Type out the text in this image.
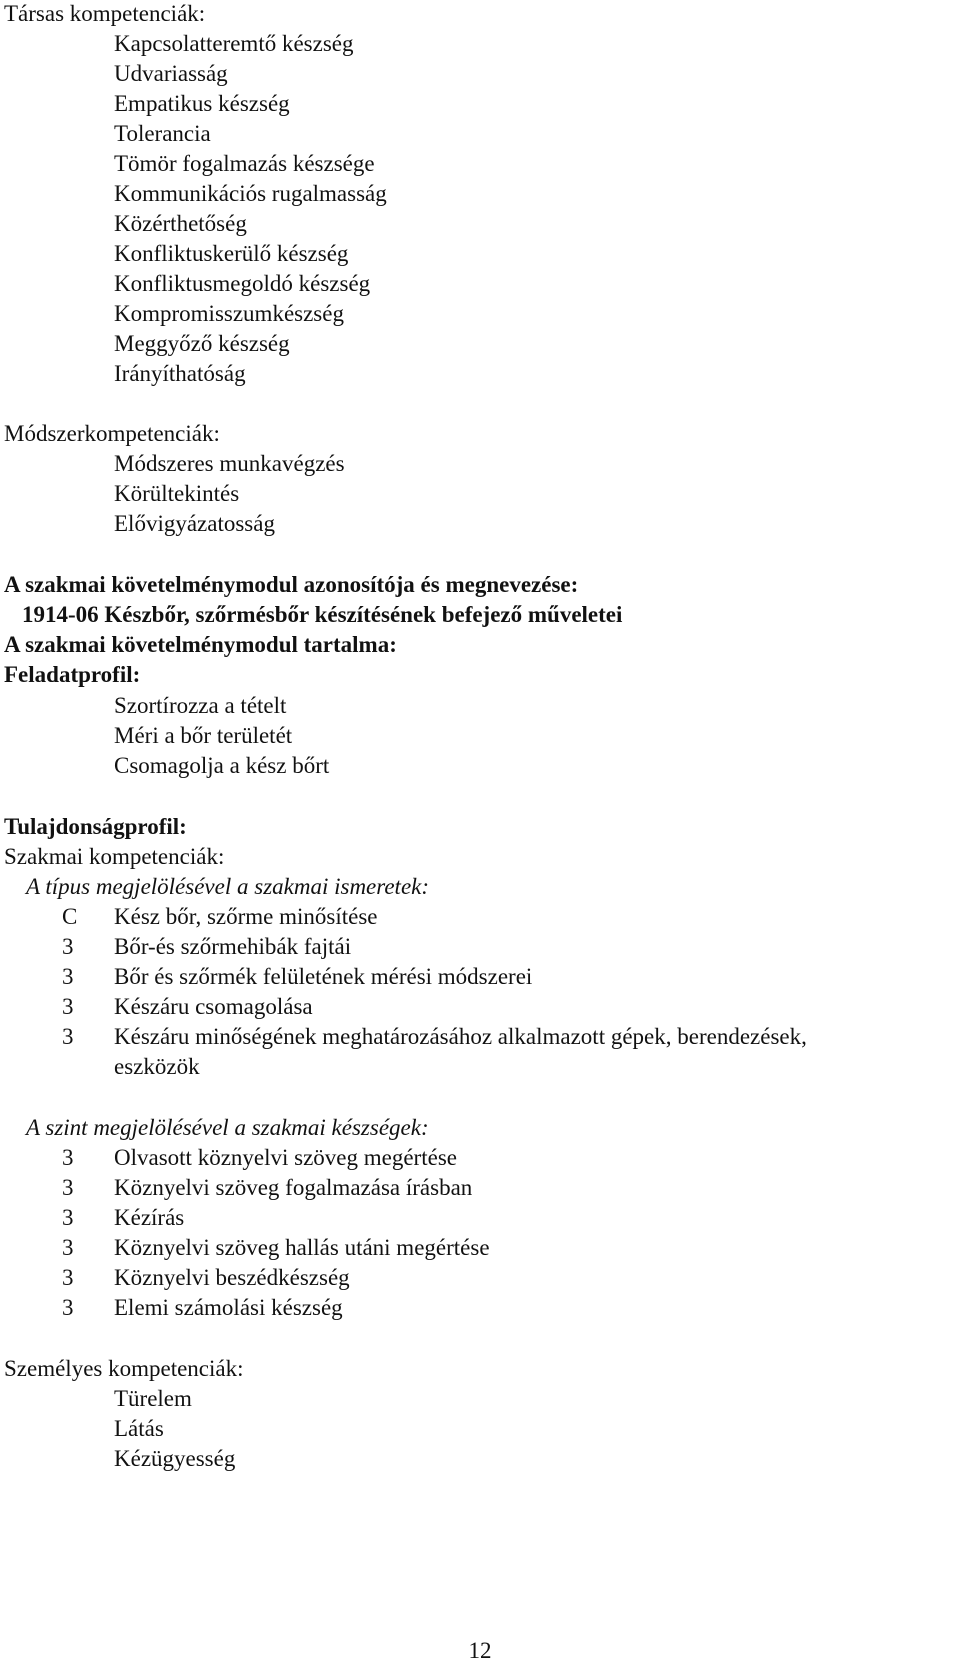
Társas kompetenciák:
Kapcsolatteremtő készség
Udvariasság
Empatikus készség
Tolerancia
Tömör fogalmazás készsége
Kommunikációs rugalmasság
Közérthetőség
Konfliktuskerülő készség
Konfliktusmegoldó készség
Kompromisszumkészség
Meggyőző készség
Irányíthatóság
Módszerkompetenciák:
Módszeres munkavégzés
Körültekintés
Elővigyázatosság
A szakmai követelménymodul azonosítója és megnevezése:
1914-06 Készbőr, szőrmésbőr készítésének befejező műveletei
A szakmai követelménymodul tartalma:
Feladatprofil:
Szortírozza a tételt
Méri a bőr területét
Csomagolja a kész bőrt
Tulajdonságprofil:
Szakmai kompetenciák:
A típus megjelölésével a szakmai ismeretek:
C Kész bőr, szőrme minősítése
3 Bőr-és szőrmehibák fajtái
3 Bőr és szőrmék felületének mérési módszerei
3 Készáru csomagolása
3 Készáru minőségének meghatározásához alkalmazott gépek, berendezések,
eszközök
A szint megjelölésével a szakmai készségek:
3 Olvasott köznyelvi szöveg megértése
3 Köznyelvi szöveg fogalmazása írásban
3 Kézírás
3 Köznyelvi szöveg hallás utáni megértése
3 Köznyelvi beszédkészség
3 Elemi számolási készség
Személyes kompetenciák:
Türelem
Látás
Kézügyesség
12
